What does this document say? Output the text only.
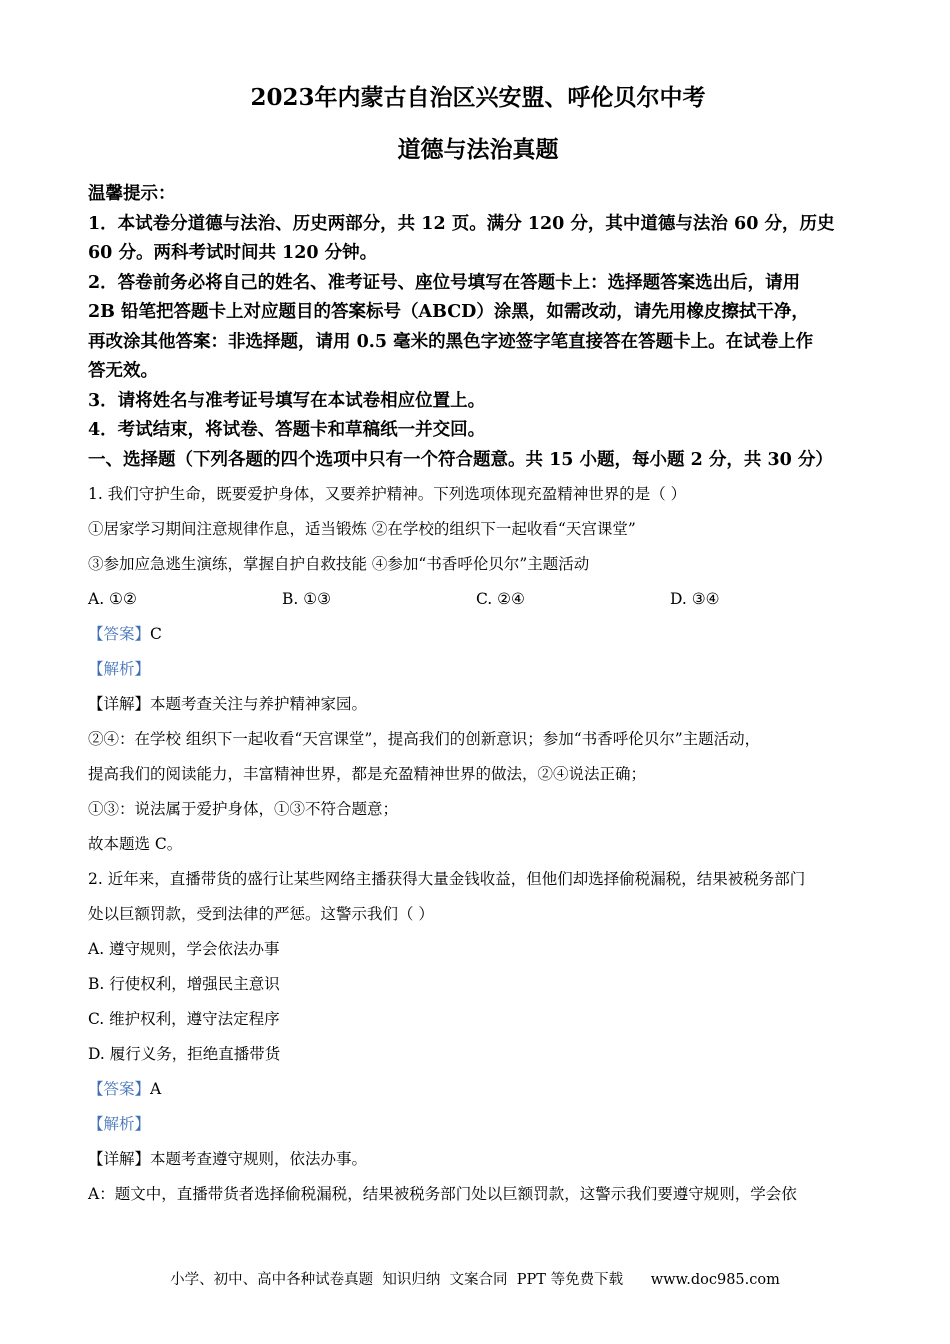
2023年内蒙古自治区兴安盟、呼伦贝尔中考
道德与法治真题
温馨提示：
1．本试卷分道德与法治、历史两部分，共 12 页。满分 120 分，其中道德与法治 60 分，历史
60 分。两科考试时间共 120 分钟。
2．答卷前务必将自己的姓名、准考证号、座位号填写在答题卡上：选择题答案选出后，请用
2B 铅笔把答题卡上对应题目的答案标号（ABCD）涂黑，如需改动，请先用橡皮擦拭干净，
再改涂其他答案：非选择题，请用 0.5 毫米的黑色字迹签字笔直接答在答题卡上。在试卷上作
答无效。
3．请将姓名与准考证号填写在本试卷相应位置上。
4．考试结束，将试卷、答题卡和草稿纸一并交回。
一、选择题（下列各题的四个选项中只有一个符合题意。共 15 小题，每小题 2 分，共 30 分）
1. 我们守护生命，既要爱护身体，又要养护精神。下列选项体现充盈精神世界的是（ ）
①居家学习期间注意规律作息，适当锻炼 ②在学校的组织下一起收看“天宫课堂”
③参加应急逃生演练，掌握自护自救技能 ④参加“书香呼伦贝尔”主题活动
A. ①②	B. ①③	C. ②④	D. ③④
【答案】C
【解析】
【详解】本题考查关注与养护精神家园。
②④：在学校 组织下一起收看“天宫课堂”，提高我们的创新意识；参加“书香呼伦贝尔”主题活动，
提高我们的阅读能力，丰富精神世界，都是充盈精神世界的做法，②④说法正确；
①③：说法属于爱护身体，①③不符合题意；
故本题选 C。
2. 近年来，直播带货的盛行让某些网络主播获得大量金钱收益，但他们却选择偷税漏税，结果被税务部门
处以巨额罚款，受到法律的严惩。这警示我们（ ）
A. 遵守规则，学会依法办事
B. 行使权利，增强民主意识
C. 维护权利，遵守法定程序
D. 履行义务，拒绝直播带货
【答案】A
【解析】
【详解】本题考查遵守规则，依法办事。
A：题文中，直播带货者选择偷税漏税，结果被税务部门处以巨额罚款，这警示我们要遵守规则，学会依
小学、初中、高中各种试卷真题  知识归纳  文案合同  PPT 等免费下载      www.doc985.com
